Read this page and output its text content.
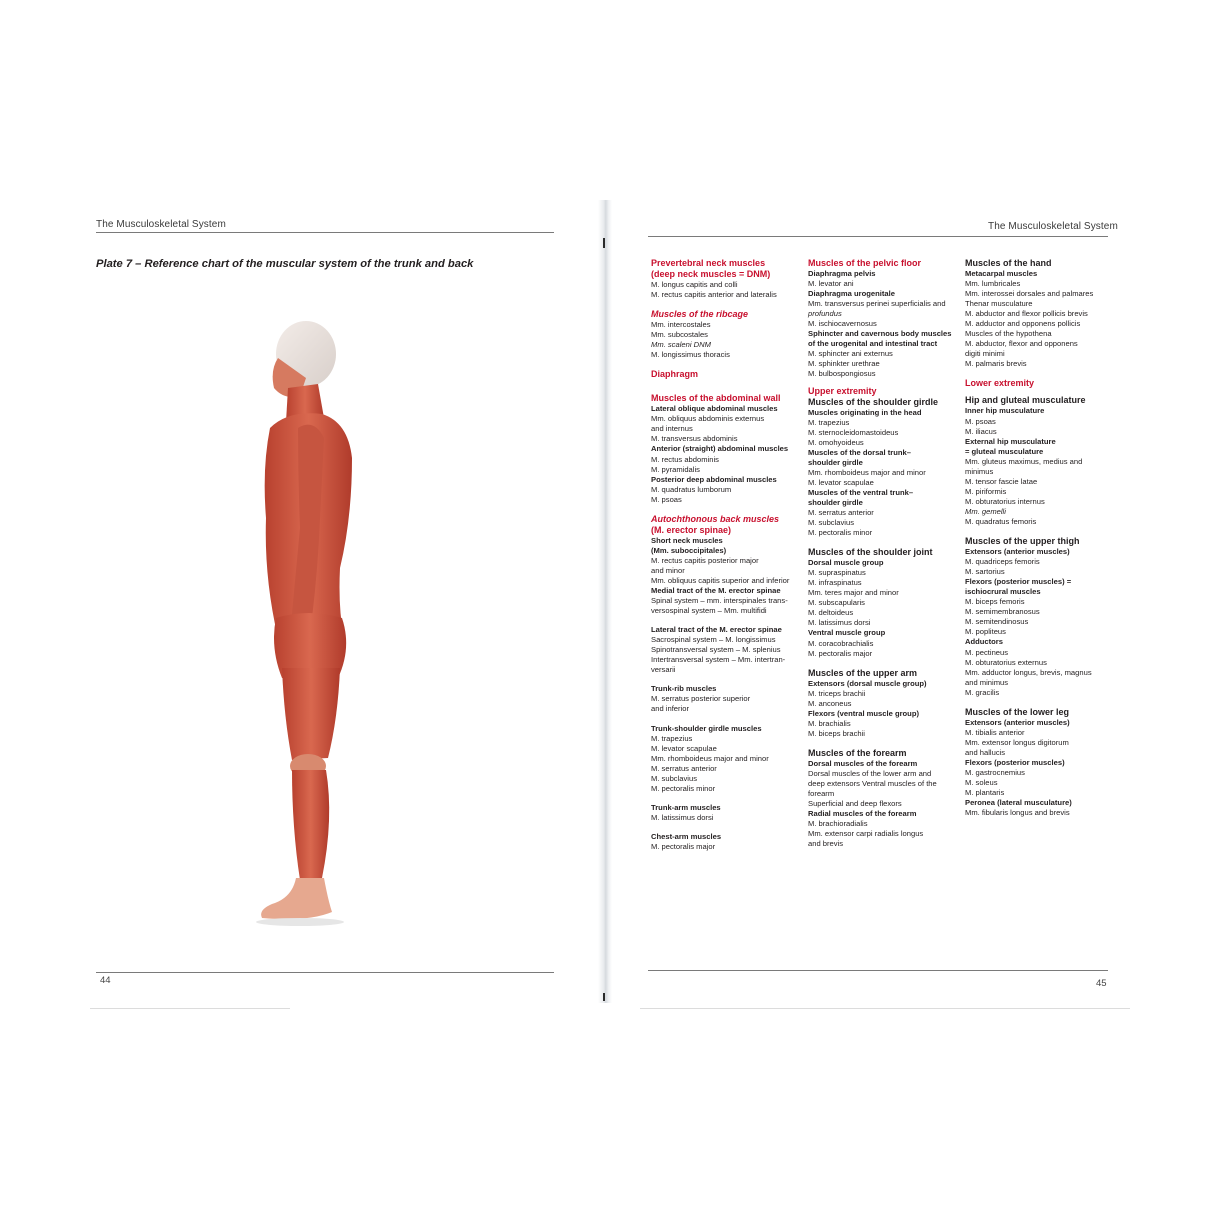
The Musculoskeletal System
Plate 7 – Reference chart of the muscular system of the trunk and back
44
The Musculoskeletal System
45
Prevertebral neck muscles
(deep neck muscles = DNM)
M. longus capitis and colli
M. rectus capitis anterior and lateralis
Muscles of the ribcage
Mm. intercostales
Mm. subcostales
Mm. scaleni DNM
M. longissimus thoracis
Diaphragm
Muscles of the abdominal wall
Lateral oblique abdominal muscles
Mm. obliquus abdominis externus
and internus
M. transversus abdominis
Anterior (straight) abdominal muscles
M. rectus abdominis
M. pyramidalis
Posterior deep abdominal muscles
M. quadratus lumborum
M. psoas
Autochthonous back muscles
(M. erector spinae)
Short neck muscles
(Mm. suboccipitales)
M. rectus capitis posterior major
and minor
Mm. obliquus capitis superior and inferior
Medial tract of the M. erector spinae
Spinal system – mm. interspinales trans-
versospinal system – Mm. multifidi
Lateral tract of the M. erector spinae
Sacrospinal system – M. longissimus
Spinotransversal system – M. splenius
Intertransversal system – Mm. intertran-
versarii
Trunk-rib muscles
M. serratus posterior superior
and inferior
Trunk-shoulder girdle muscles
M. trapezius
M. levator scapulae
Mm. rhomboideus major and minor
M. serratus anterior
M. subclavius
M. pectoralis minor
Trunk-arm muscles
M. latissimus dorsi
Chest-arm muscles
M. pectoralis major
Muscles of the pelvic floor
Diaphragma pelvis
M. levator ani
Diaphragma urogenitale
Mm. transversus perinei superficialis and
profundus
M. ischiocavernosus
Sphincter and cavernous body muscles
of the urogenital and intestinal tract
M. sphincter ani externus
M. sphinkter urethrae
M. bulbospongiosus
Upper extremity
Muscles of the shoulder girdle
Muscles originating in the head
M. trapezius
M. sternocleidomastoideus
M. omohyoideus
Muscles of the dorsal trunk–
shoulder girdle
Mm. rhomboideus major and minor
M. levator scapulae
Muscles of the ventral trunk–
shoulder girdle
M. serratus anterior
M. subclavius
M. pectoralis minor
Muscles of the shoulder joint
Dorsal muscle group
M. supraspinatus
M. infraspinatus
Mm. teres major and minor
M. subscapularis
M. deltoideus
M. latissimus dorsi
Ventral muscle group
M. coracobrachialis
M. pectoralis major
Muscles of the upper arm
Extensors (dorsal muscle group)
M. triceps brachii
M. anconeus
Flexors (ventral muscle group)
M. brachialis
M. biceps brachii
Muscles of the forearm
Dorsal muscles of the forearm
Dorsal muscles of the lower arm and
deep extensors Ventral muscles of the
forearm
Superficial and deep flexors
Radial muscles of the forearm
M. brachioradialis
Mm. extensor carpi radialis longus
and brevis
Muscles of the hand
Metacarpal muscles
Mm. lumbricales
Mm. interossei dorsales and palmares
Thenar musculature
M. abductor and flexor pollicis brevis
M. adductor and opponens pollicis
Muscles of the hypothena
M. abductor, flexor and opponens
digiti minimi
M. palmaris brevis
Lower extremity
Hip and gluteal musculature
Inner hip musculature
M. psoas
M. iliacus
External hip musculature
= gluteal musculature
Mm. gluteus maximus, medius and
minimus
M. tensor fascie latae
M. piriformis
M. obturatorius internus
Mm. gemelli
M. quadratus femoris
Muscles of the upper thigh
Extensors (anterior muscles)
M. quadriceps femoris
M. sartorius
Flexors (posterior muscles) =
ischiocrural muscles
M. biceps femoris
M. semimembranosus
M. semitendinosus
M. popliteus
Adductors
M. pectineus
M. obturatorius externus
Mm. adductor longus, brevis, magnus
and minimus
M. gracilis
Muscles of the lower leg
Extensors (anterior muscles)
M. tibialis anterior
Mm. extensor longus digitorum
and hallucis
Flexors (posterior muscles)
M. gastrocnemius
M. soleus
M. plantaris
Peronea (lateral musculature)
Mm. fibularis longus and brevis
